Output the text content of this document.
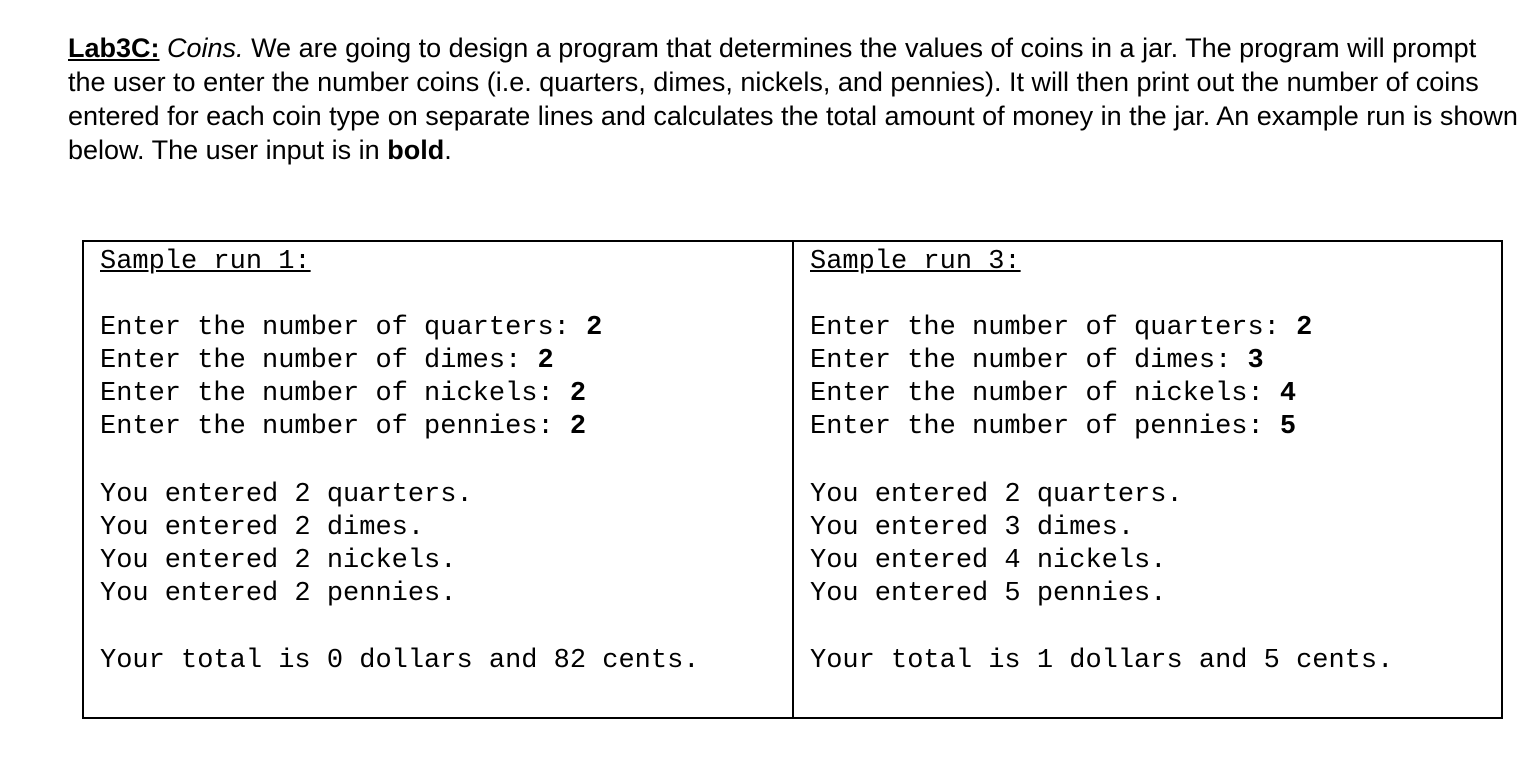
Lab3C: Coins. We are going to design a program that determines the values of coins in a jar. The program will prompt the user to enter the number coins (i.e. quarters, dimes, nickels, and pennies). It will then print out the number of coins entered for each coin type on separate lines and calculates the total amount of money in the jar. An example run is shown below. The user input is in bold.

Sample run 1:
Enter the number of quarters: 2
Enter the number of dimes: 2
Enter the number of nickels: 2
Enter the number of pennies: 2
You entered 2 quarters.
You entered 2 dimes.
You entered 2 nickels.
You entered 2 pennies.
Your total is 0 dollars and 82 cents.
Sample run 3:
Enter the number of quarters: 2
Enter the number of dimes: 3
Enter the number of nickels: 4
Enter the number of pennies: 5
You entered 2 quarters.
You entered 3 dimes.
You entered 4 nickels.
You entered 5 pennies.
Your total is 1 dollars and 5 cents.
